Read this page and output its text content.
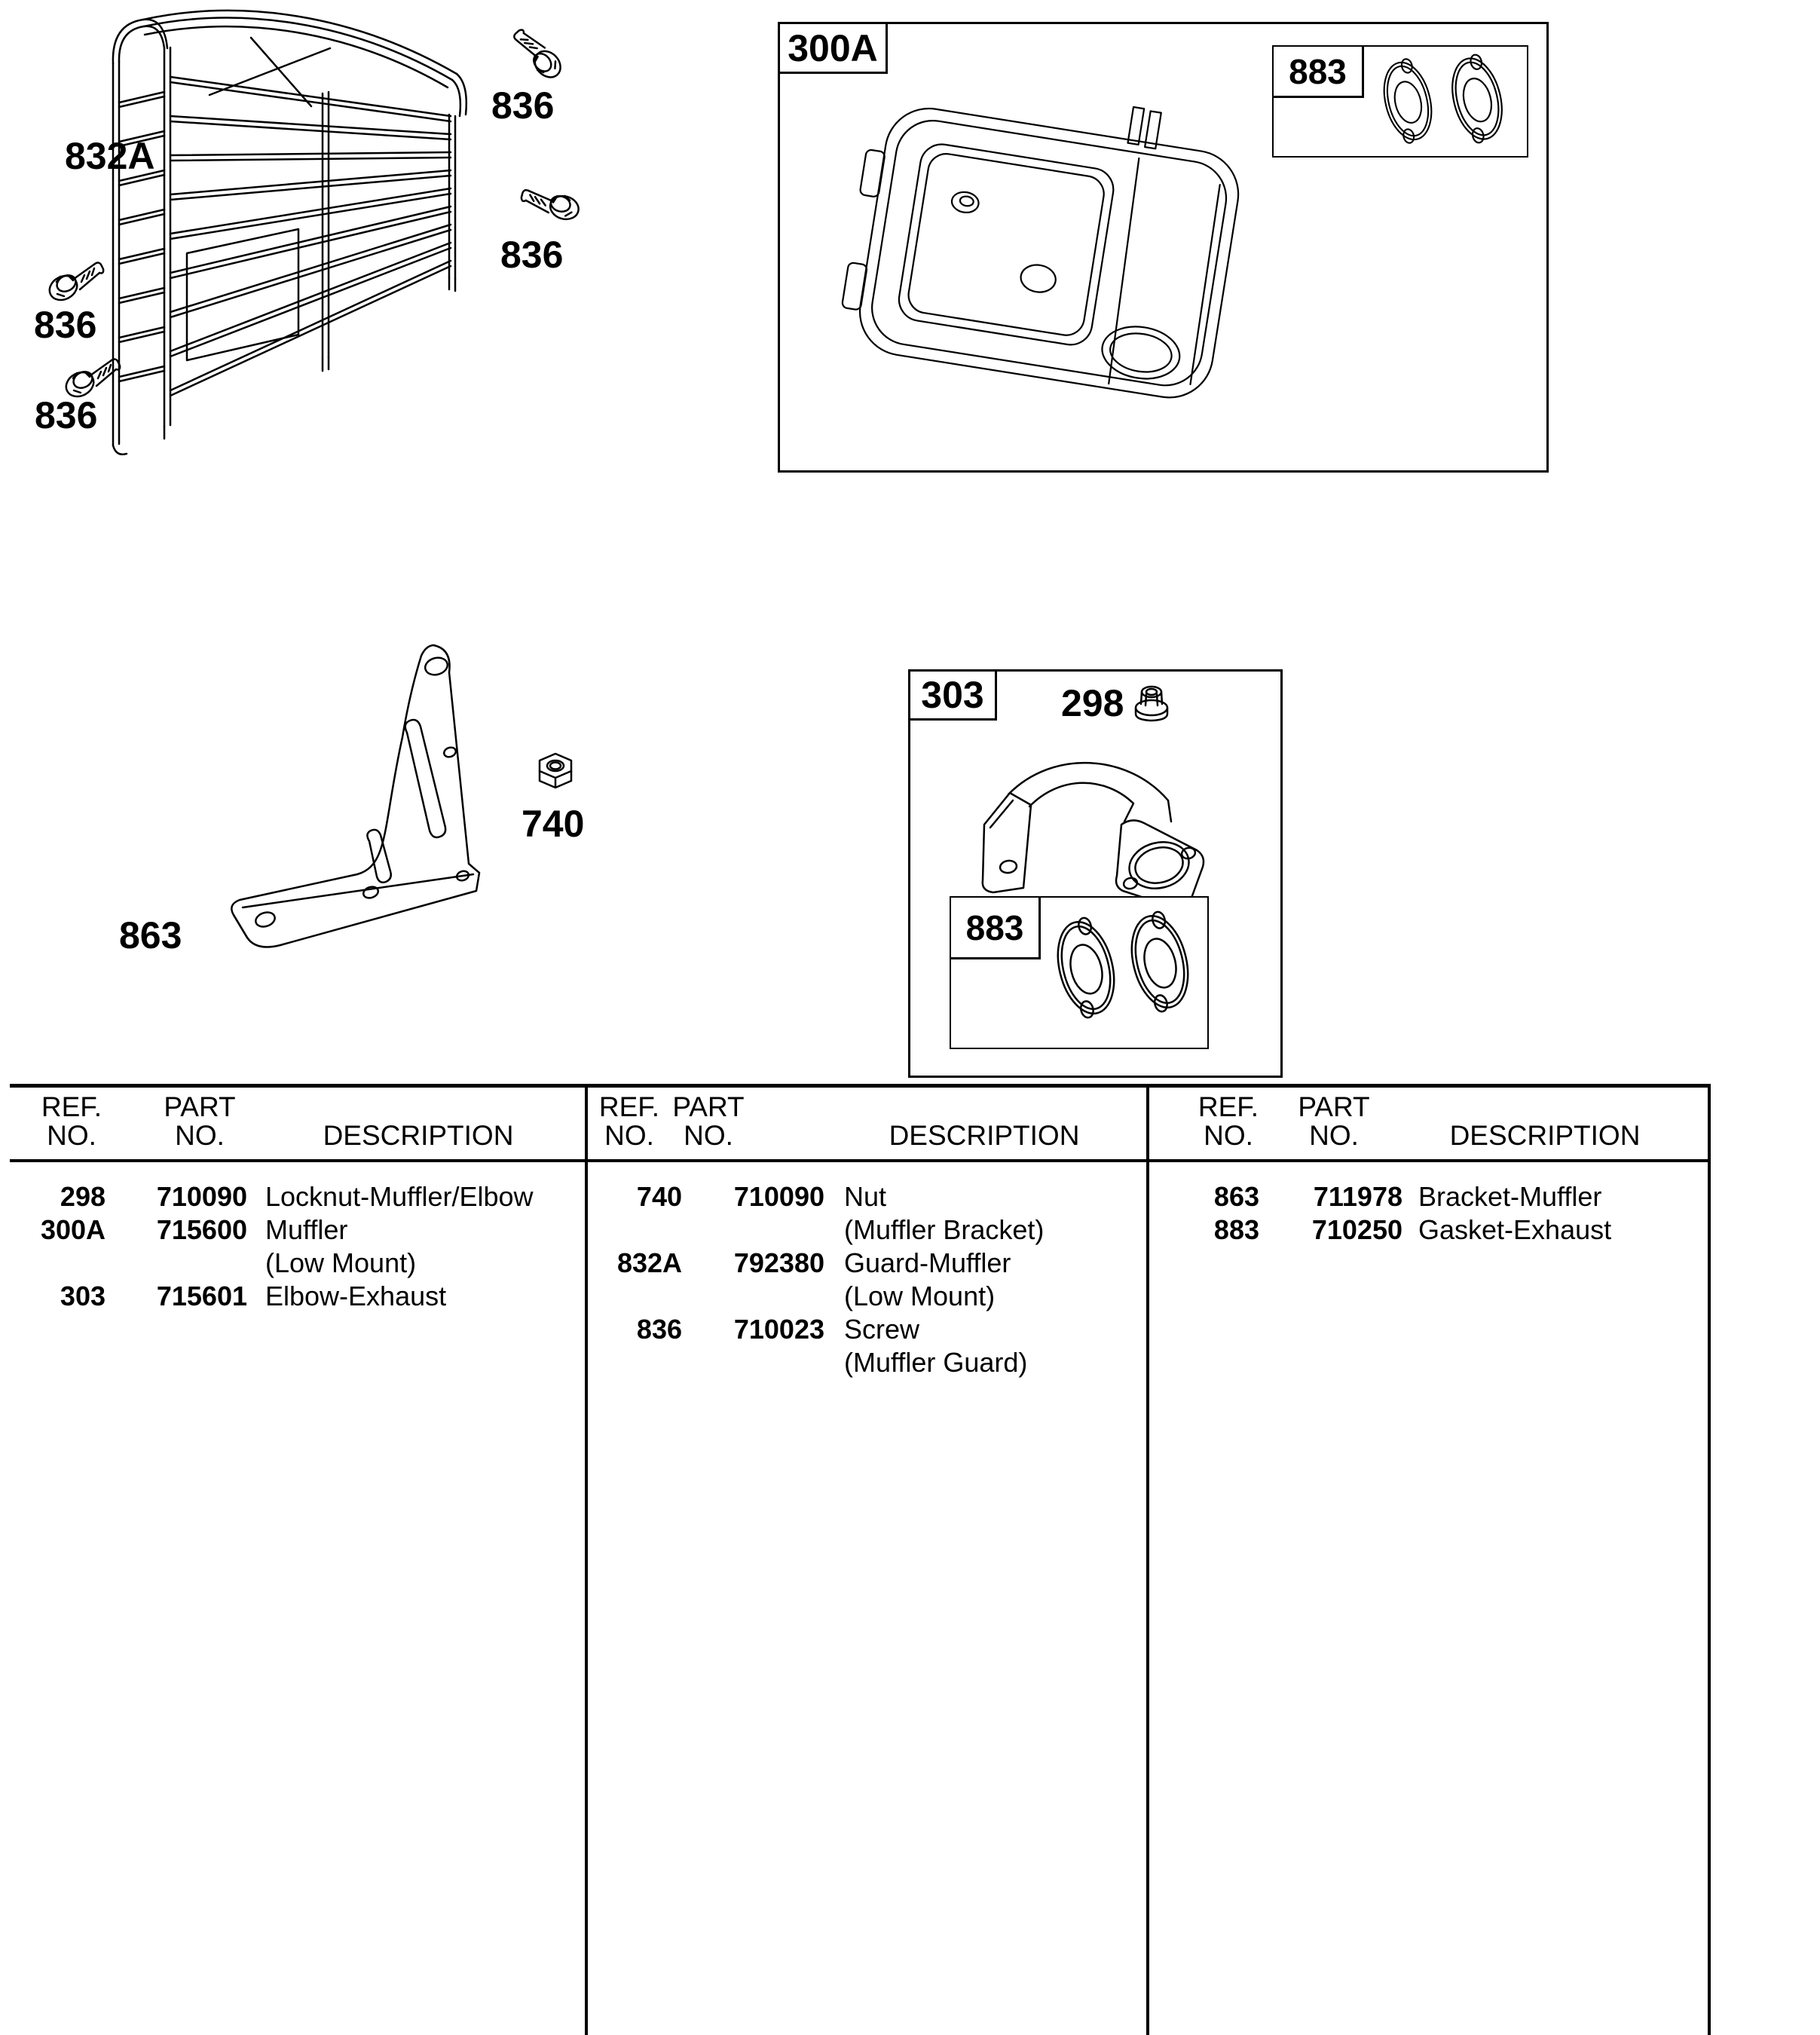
832A
836
836
836
836
300A
883
863
740
303 298
883
REF.
NO.
PART
NO.	DESCRIPTION
REF.
NO.
PART
NO.	DESCRIPTION
REF.
NO.
PART
NO.	DESCRIPTION
298	710090 Locknut-Muffler/Elbow
300A	715600 Muffler
(Low Mount)
303	715601 Elbow-Exhaust
740	710090 Nut
(Muffler Bracket)
832A	792380 Guard-Muffler
(Low Mount)
836	710023 Screw
(Muffler Guard)
863	711978 Bracket-Muffler
883	710250 Gasket-Exhaust
